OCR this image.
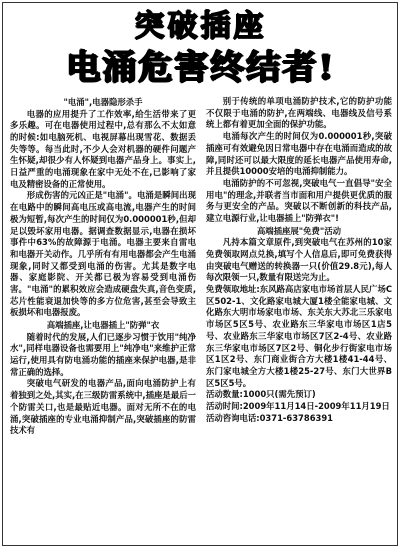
突破插座
电涌危害终结者!
"电涌",电器隐形杀手

电器的应用提升了工作效率,给生活带来了更多乐趣。可在电器使用过程中,总有那么不太如意的时候:如电脑死机、电视屏幕出现雪花、数据丢失等等。每当此时,不少人会对机器的硬件问题产生怀疑,却很少有人怀疑到电器产品身上。事实上,日益严重的电涌现象在家中无处不在,已影响了家电及精密设备的正常使用。

形成伤害的元凶正是"电涌"。电涌是瞬间出现在电路中的瞬间高电压或高电流,电器产生的时间极为短暂,每次产生的时间仅为0.000001秒,但却足以毁坏家用电器。据调查数据显示,电器在损坏事件中63%的故障源于电涌。电器主要来自雷电和电器开关动作。几乎所有有用电器都会产生电涌现象,同时又都受到电涌的伤害。尤其是数字电器、家庭影院、开关都已极为容易受到电涌伤害。"电涌"的累积效应会造成硬盘失真,音色变质,芯片性能衰退加快等的多方位危害,甚至会导致主板损坏和电器报废。

高端插座,让电器插上"防弹"衣

随着时代的发展,人们已逐步习惯于饮用"纯净水",同样电器设备也需要用上"纯净电"来维护正常运行,使用具有防电涌功能的插座来保护电器,是非常正确的选择。

突破电气研发的电器产品,面向电涌防护上有着独到之处,其实,在三级防雷系统中,插座是最后一个防雷关口,也是最贴近电器。面对无所不在的电涌,突破插座的专业电涌抑制产品,突破插座的防雷技术有

别于传统的单项电涌防护技术,它的防护功能不仅限于电涌的防护,在两端线、电器线及信号系统上都有着更加全面的保护功能。

电涌每次产生的时间仅为0.000001秒,突破插座可有效避免因日常电器中存在电涌而造成的故障,同时还可以最大限度的延长电器产品使用寿命,并且提供10000安培的电涌抑制能力。

电涌防护的不可忽视,突破电气一直倡导"安全用电"的理念,并联者当市面和用户提供更优质的服务与更安全的产品。突破以不断创新的科技产品,建立电源行业,让电器插上"防弹衣"!

高端插座展"免费"活动

凡持本篇文章原件,到突破电气在苏州的10家免费领取网点兑换,填写个人信息后,即可免费获得由突破电气赠送的转换器一只(价值29.8元),每人每次限领一只,数量有限送完为止。

免费领取地址:东风路高店家电市场首层人民广场C区502-1、文化路家电城大厦1楼全能家电城、文化路东大明市场家电市场、东关东大苏北三乐家电市场区5区5号、农业路东三华家电市场区1店5号、农业路东三华家电市场区7区2-4号、农业路东三华家电市场区7区2号、铜化步行街家电市场区1区2号、东门商业街合方大楼1楼41-44号、东门家电城全方大楼1楼25-27号、东门大世界B区5区5号。

活动数量:1000只(需先预订)

活动时间:2009年11月14日-2009年11月19日

活动咨询电话:0371-63786391
